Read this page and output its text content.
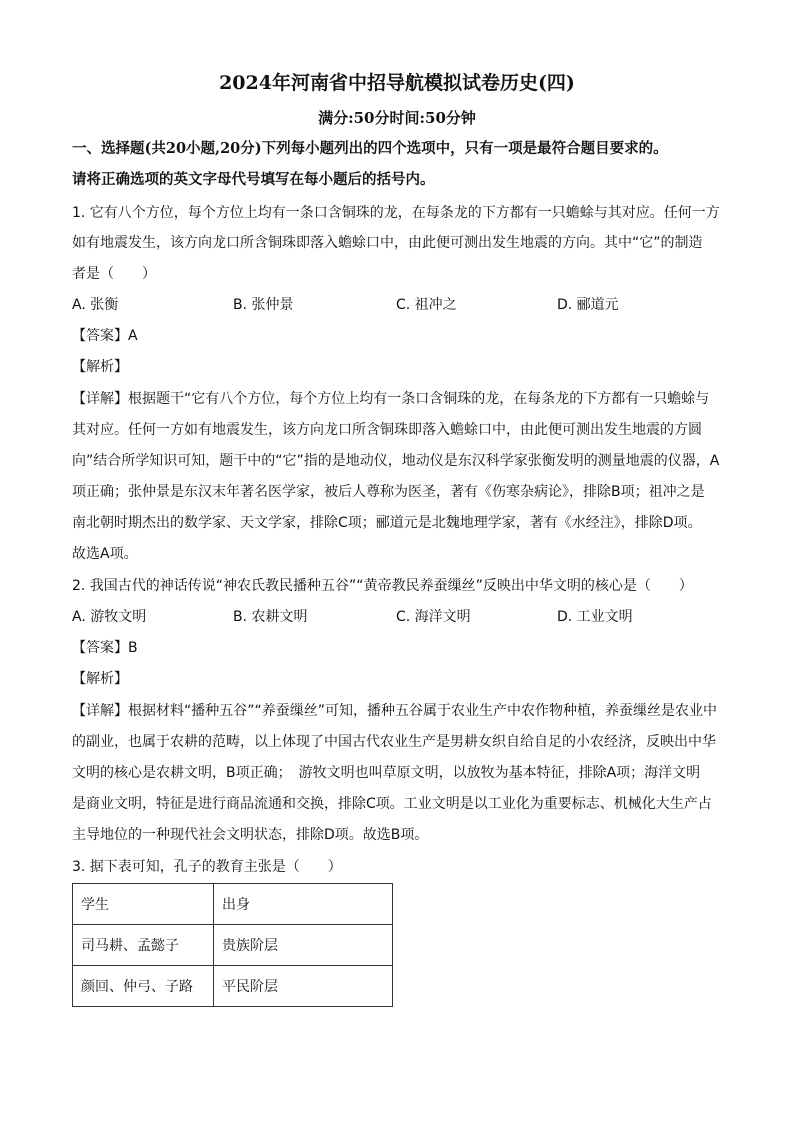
2024年河南省中招导航模拟试卷历史(四)
满分:50分时间:50分钟
一、选择题(共20小题,20分)下列每小题列出的四个选项中，只有一项是最符合题目要求的。
请将正确选项的英文字母代号填写在每小题后的括号内。
1. 它有八个方位，每个方位上均有一条口含铜珠的龙，在每条龙的下方都有一只蟾蜍与其对应。任何一方
如有地震发生，该方向龙口所含铜珠即落入蟾蜍口中，由此便可测出发生地震的方向。其中“它”的制造
者是（　　）
A. 张衡	B. 张仲景	C. 祖冲之	D. 郦道元
【答案】A
【解析】
【详解】根据题干“它有八个方位，每个方位上均有一条口含铜珠的龙，在每条龙的下方都有一只蟾蜍与
其对应。任何一方如有地震发生，该方向龙口所含铜珠即落入蟾蜍口中，由此便可测出发生地震的方圆
向”结合所学知识可知，题干中的“它”指的是地动仪，地动仪是东汉科学家张衡发明的测量地震的仪器，A
项正确；张仲景是东汉末年著名医学家，被后人尊称为医圣，著有《伤寒杂病论》，排除B项；祖冲之是
南北朝时期杰出的数学家、天文学家，排除C项；郦道元是北魏地理学家，著有《水经注》，排除D项。
故选A项。
2. 我国古代的神话传说“神农氏教民播种五谷”“黄帝教民养蚕缫丝”反映出中华文明的核心是（　　）
A. 游牧文明	B. 农耕文明	C. 海洋文明	D. 工业文明
【答案】B
【解析】
【详解】根据材料“播种五谷”“养蚕缫丝”可知，播种五谷属于农业生产中农作物种植，养蚕缫丝是农业中
的副业，也属于农耕的范畴，以上体现了中国古代农业生产是男耕女织自给自足的小农经济，反映出中华
文明的核心是农耕文明，B项正确；　游牧文明也叫草原文明，以放牧为基本特征，排除A项；海洋文明
是商业文明，特征是进行商品流通和交换，排除C项。工业文明是以工业化为重要标志、机械化大生产占
主导地位的一种现代社会文明状态，排除D项。故选B项。
3. 据下表可知，孔子的教育主张是（　　）
学生	出身
司马耕、孟懿子	贵族阶层
颜回、仲弓、子路	平民阶层
